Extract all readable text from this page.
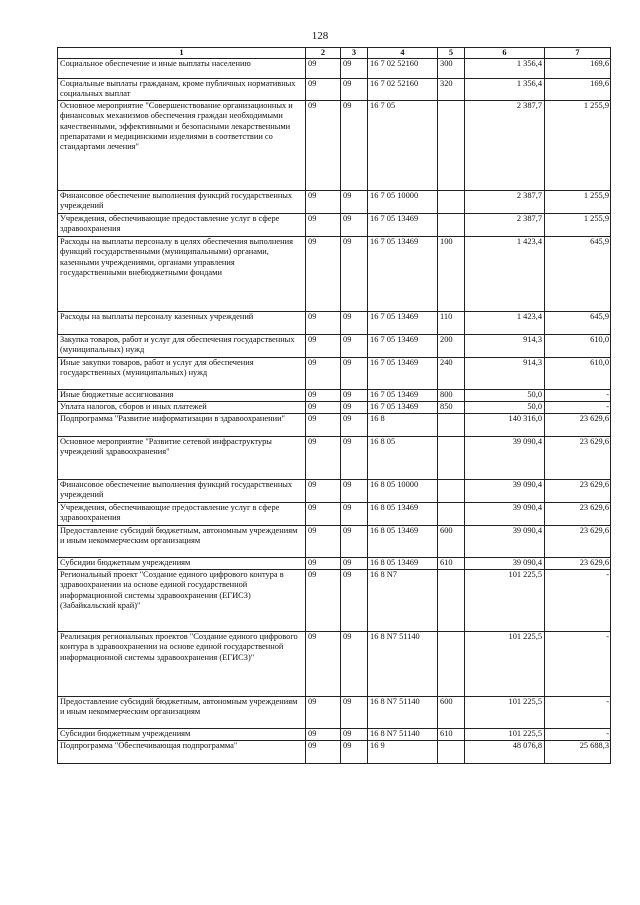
128
1	2	3	4	5	6	7
Социальное обеспечение и иные выплаты населению	09	09	16 7 02 52160	300	1 356,4	169,6
Социальные выплаты гражданам, кроме публичных нормативных социальных выплат	09	09	16 7 02 52160	320	1 356,4	169,6
Основное мероприятие "Совершенствование организационных и финансовых механизмов обеспечения граждан необходимыми качественными, эффективными и безопасными лекарственными препаратами и медицинскими изделиями в соответствии со стандартами лечения"	09	09	16 7 05		2 387,7	1 255,9
Финансовое обеспечение выполнения функций государственных учреждений	09	09	16 7 05 10000		2 387,7	1 255,9
Учреждения, обеспечивающие предоставление услуг в сфере здравоохранения	09	09	16 7 05 13469		2 387,7	1 255,9
Расходы на выплаты персоналу в целях обеспечения выполнения функций государственными (муниципальными) органами, казенными учреждениями, органами управления государственными внебюджетными фондами	09	09	16 7 05 13469	100	1 423,4	645,9
Расходы на выплаты персоналу казенных учреждений	09	09	16 7 05 13469	110	1 423,4	645,9
Закупка товаров, работ и услуг для обеспечения государственных (муниципальных) нужд	09	09	16 7 05 13469	200	914,3	610,0
Иные закупки товаров, работ и услуг для обеспечения государственных (муниципальных) нужд	09	09	16 7 05 13469	240	914,3	610,0
Иные бюджетные ассигнования	09	09	16 7 05 13469	800	50,0	-
Уплата налогов, сборов и иных платежей	09	09	16 7 05 13469	850	50,0	-
Подпрограмма "Развитие информатизации в здравоохранении"	09	09	16 8		140 316,0	23 629,6
Основное мероприятие "Развитие сетевой инфраструктуры учреждений здравоохранения"	09	09	16 8 05		39 090,4	23 629,6
Финансовое обеспечение выполнения функций государственных учреждений	09	09	16 8 05 10000		39 090,4	23 629,6
Учреждения, обеспечивающие предоставление услуг в сфере здравоохранения	09	09	16 8 05 13469		39 090,4	23 629,6
Предоставление субсидий бюджетным, автономным учреждениям и иным некоммерческим организациям	09	09	16 8 05 13469	600	39 090,4	23 629,6
Субсидии бюджетным учреждениям	09	09	16 8 05 13469	610	39 090,4	23 629,6
Региональный проект "Создание единого цифрового контура в здравоохранении на основе единой государственной информационной системы здравоохранения (ЕГИСЗ) (Забайкальский край)"	09	09	16 8 N7		101 225,5	-
Реализация региональных проектов "Создание единого цифрового контура в здравоохранении на основе единой государственной информационной системы здравоохранения (ЕГИСЗ)"	09	09	16 8 N7 51140		101 225,5	-
Предоставление субсидий бюджетным, автономным учреждениям и иным некоммерческим организациям	09	09	16 8 N7 51140	600	101 225,5	-
Субсидии бюджетным учреждениям	09	09	16 8 N7 51140	610	101 225,5	-
Подпрограмма "Обеспечивающая подпрограмма"	09	09	16 9		48 076,8	25 688,3
